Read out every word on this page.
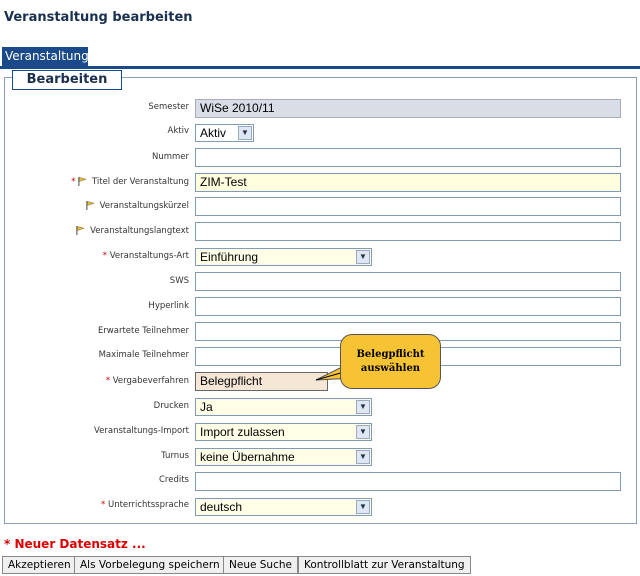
Veranstaltung bearbeiten
Veranstaltung
Bearbeiten
Semester WiSe 2010/11
Aktiv Aktiv	▼
Nummer
* Titel der Veranstaltung ZIM-Test
Veranstaltungskürzel
Veranstaltungslangtext
* Veranstaltungs-Art Einführung	▼
SWS
Hyperlink
Erwartete Teilnehmer
Maximale Teilnehmer
* Vergabeverfahren Belegpflicht
Drucken Ja	▼
Veranstaltungs-Import Import zulassen	▼
Turnus keine Übernahme	▼
Credits
* Unterrichtssprache deutsch	▼
Belegpflicht
auswählen
* Neuer Datensatz ...
Akzeptieren Als Vorbelegung speichern Neue Suche	Kontrollblatt zur Veranstaltung
